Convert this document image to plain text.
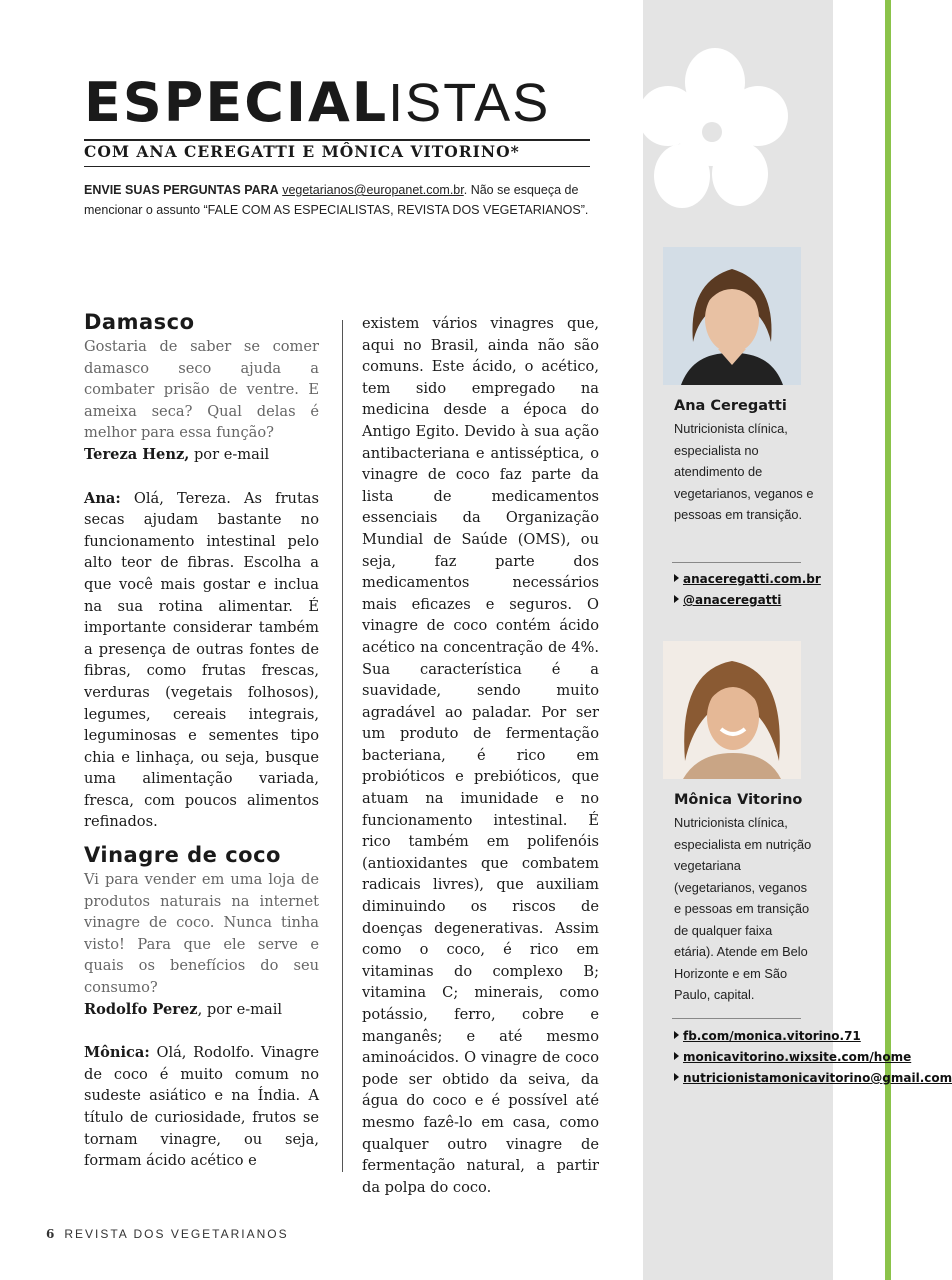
ESPECIALISTAS
COM ANA CEREGATTI E MÔNICA VITORINO*
ENVIE SUAS PERGUNTAS PARA vegetarianos@europanet.com.br. Não se esqueça de mencionar o assunto “FALE COM AS ESPECIALISTAS, REVISTA DOS VEGETARIANOS”.
Damasco

Gostaria de saber se comer damasco seco ajuda a combater prisão de ventre. E ameixa seca? Qual delas é melhor para essa função?

Tereza Henz, por e-mail

Ana: Olá, Tereza. As frutas secas ajudam bastante no funcionamento intestinal pelo alto teor de fibras. Escolha a que você mais gostar e inclua na sua rotina alimentar. É importante considerar também a presença de outras fontes de fibras, como frutas frescas, verduras (vegetais folhosos), legumes, cereais integrais, leguminosas e sementes tipo chia e linhaça, ou seja, busque uma alimentação variada, fresca, com poucos alimentos refinados.

Vinagre de coco

Vi para vender em uma loja de produtos naturais na internet vinagre de coco. Nunca tinha visto! Para que ele serve e quais os benefícios do seu consumo?

Rodolfo Perez, por e-mail

Mônica: Olá, Rodolfo. Vinagre de coco é muito comum no sudeste asiático e na Índia. A título de curiosidade, frutos se tornam vinagre, ou seja, formam ácido acético e

existem vários vinagres que, aqui no Brasil, ainda não são comuns. Este ácido, o acético, tem sido empregado na medicina desde a época do Antigo Egito. Devido à sua ação antibacteriana e antisséptica, o vinagre de coco faz parte da lista de medicamentos essenciais da Organização Mundial de Saúde (OMS), ou seja, faz parte dos medicamentos necessários mais eficazes e seguros. O vinagre de coco contém ácido acético na concentração de 4%. Sua característica é a suavidade, sendo muito agradável ao paladar. Por ser um produto de fermentação bacteriana, é rico em probióticos e prebióticos, que atuam na imunidade e no funcionamento intestinal. É rico também em polifenóis (antioxidantes que combatem radicais livres), que auxiliam diminuindo os riscos de doenças degenerativas. Assim como o coco, é rico em vitaminas do complexo B; vitamina C; minerais, como potássio, ferro, cobre e manganês; e até mesmo aminoácidos. O vinagre de coco pode ser obtido da seiva, da água do coco e é possível até mesmo fazê-lo em casa, como qualquer outro vinagre de fermentação natural, a partir da polpa do coco.

Ana Ceregatti

Nutricionista clínica, especialista no atendimento de vegetarianos, veganos e pessoas em transição.

anaceregatti.com.br
@anaceregatti

Mônica Vitorino

Nutricionista clínica, especialista em nutrição vegetariana (vegetarianos, veganos e pessoas em transição de qualquer faixa etária). Atende em Belo Horizonte e em São Paulo, capital.

fb.com/monica.vitorino.71
monicavitorino.wixsite.com/home
nutricionistamonicavitorino@gmail.com
6 REVISTA DOS VEGETARIANOS
